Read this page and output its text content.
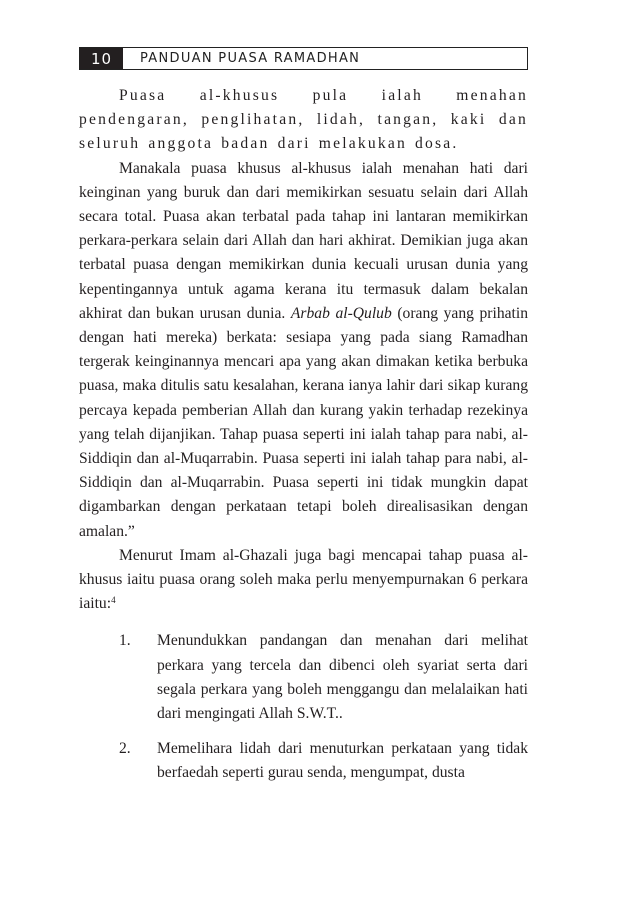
10	PANDUAN PUASA RAMADHAN

Puasa al-khusus pula ialah menahan pendengaran, penglihatan, lidah, tangan, kaki dan seluruh anggota badan dari melakukan dosa.

Manakala puasa khusus al-khusus ialah menahan hati dari keinginan yang buruk dan dari memikirkan sesuatu selain dari Allah secara total. Puasa akan terbatal pada tahap ini lantaran memikirkan perkara-perkara selain dari Allah dan hari akhirat. Demikian juga akan terbatal puasa dengan memikirkan dunia kecuali urusan dunia yang kepentingannya untuk agama kerana itu termasuk dalam bekalan akhirat dan bukan urusan dunia. Arbab al-Qulub (orang yang prihatin dengan hati mereka) berkata: sesiapa yang pada siang Ramadhan tergerak keinginannya mencari apa yang akan dimakan ketika berbuka puasa, maka ditulis satu kesalahan, kerana ianya lahir dari sikap kurang percaya kepada pemberian Allah dan kurang yakin terhadap rezekinya yang telah dijanjikan. Tahap puasa seperti ini ialah tahap para nabi, al-Siddiqin dan al-Muqarrabin. Puasa seperti ini ialah tahap para nabi, al-Siddiqin dan al-Muqarrabin. Puasa seperti ini tidak mungkin dapat digambarkan dengan perkataan tetapi boleh direalisasikan dengan amalan.”

Menurut Imam al-Ghazali juga bagi mencapai tahap puasa al-khusus iaitu puasa orang soleh maka perlu menyempurnakan 6 perkara iaitu:$^4$

1.	Menundukkan pandangan dan menahan dari melihat perkara yang tercela dan dibenci oleh syariat serta dari segala perkara yang boleh menggangu dan melalaikan hati dari mengingati Allah S.W.T..
2.	Memelihara lidah dari menuturkan perkataan yang tidak berfaedah seperti gurau senda, mengumpat, dusta
